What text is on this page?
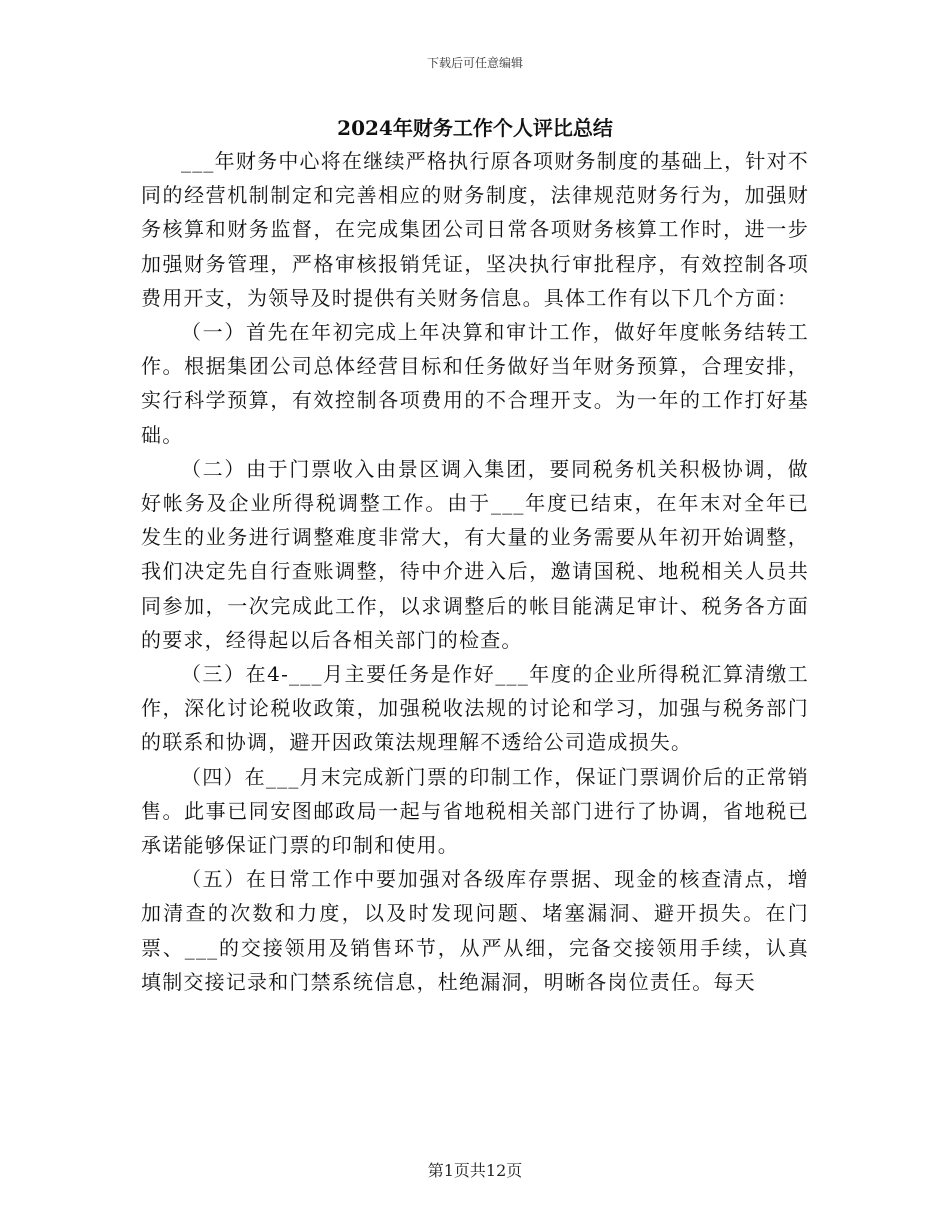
下载后可任意编辑
2024年财务工作个人评比总结

___年财务中心将在继续严格执行原各项财务制度的基础上，针对不同的经营机制制定和完善相应的财务制度，法律规范财务行为，加强财务核算和财务监督，在完成集团公司日常各项财务核算工作时，进一步加强财务管理，严格审核报销凭证，坚决执行审批程序，有效控制各项费用开支，为领导及时提供有关财务信息。具体工作有以下几个方面：

（一）首先在年初完成上年决算和审计工作，做好年度帐务结转工作。根据集团公司总体经营目标和任务做好当年财务预算，合理安排，实行科学预算，有效控制各项费用的不合理开支。为一年的工作打好基础。

（二）由于门票收入由景区调入集团，要同税务机关积极协调，做好帐务及企业所得税调整工作。由于___年度已结束，在年末对全年已发生的业务进行调整难度非常大，有大量的业务需要从年初开始调整，我们决定先自行查账调整，待中介进入后，邀请国税、地税相关人员共同参加，一次完成此工作，以求调整后的帐目能满足审计、税务各方面的要求，经得起以后各相关部门的检查。

（三）在4-___月主要任务是作好___年度的企业所得税汇算清缴工作，深化讨论税收政策，加强税收法规的讨论和学习，加强与税务部门的联系和协调，避开因政策法规理解不透给公司造成损失。

（四）在___月末完成新门票的印制工作，保证门票调价后的正常销售。此事已同安图邮政局一起与省地税相关部门进行了协调，省地税已承诺能够保证门票的印制和使用。

（五）在日常工作中要加强对各级库存票据、现金的核查清点，增加清查的次数和力度，以及时发现问题、堵塞漏洞、避开损失。在门票、___的交接领用及销售环节，从严从细，完备交接领用手续，认真填制交接记录和门禁系统信息，杜绝漏洞，明晰各岗位责任。每天

第1页共12页
